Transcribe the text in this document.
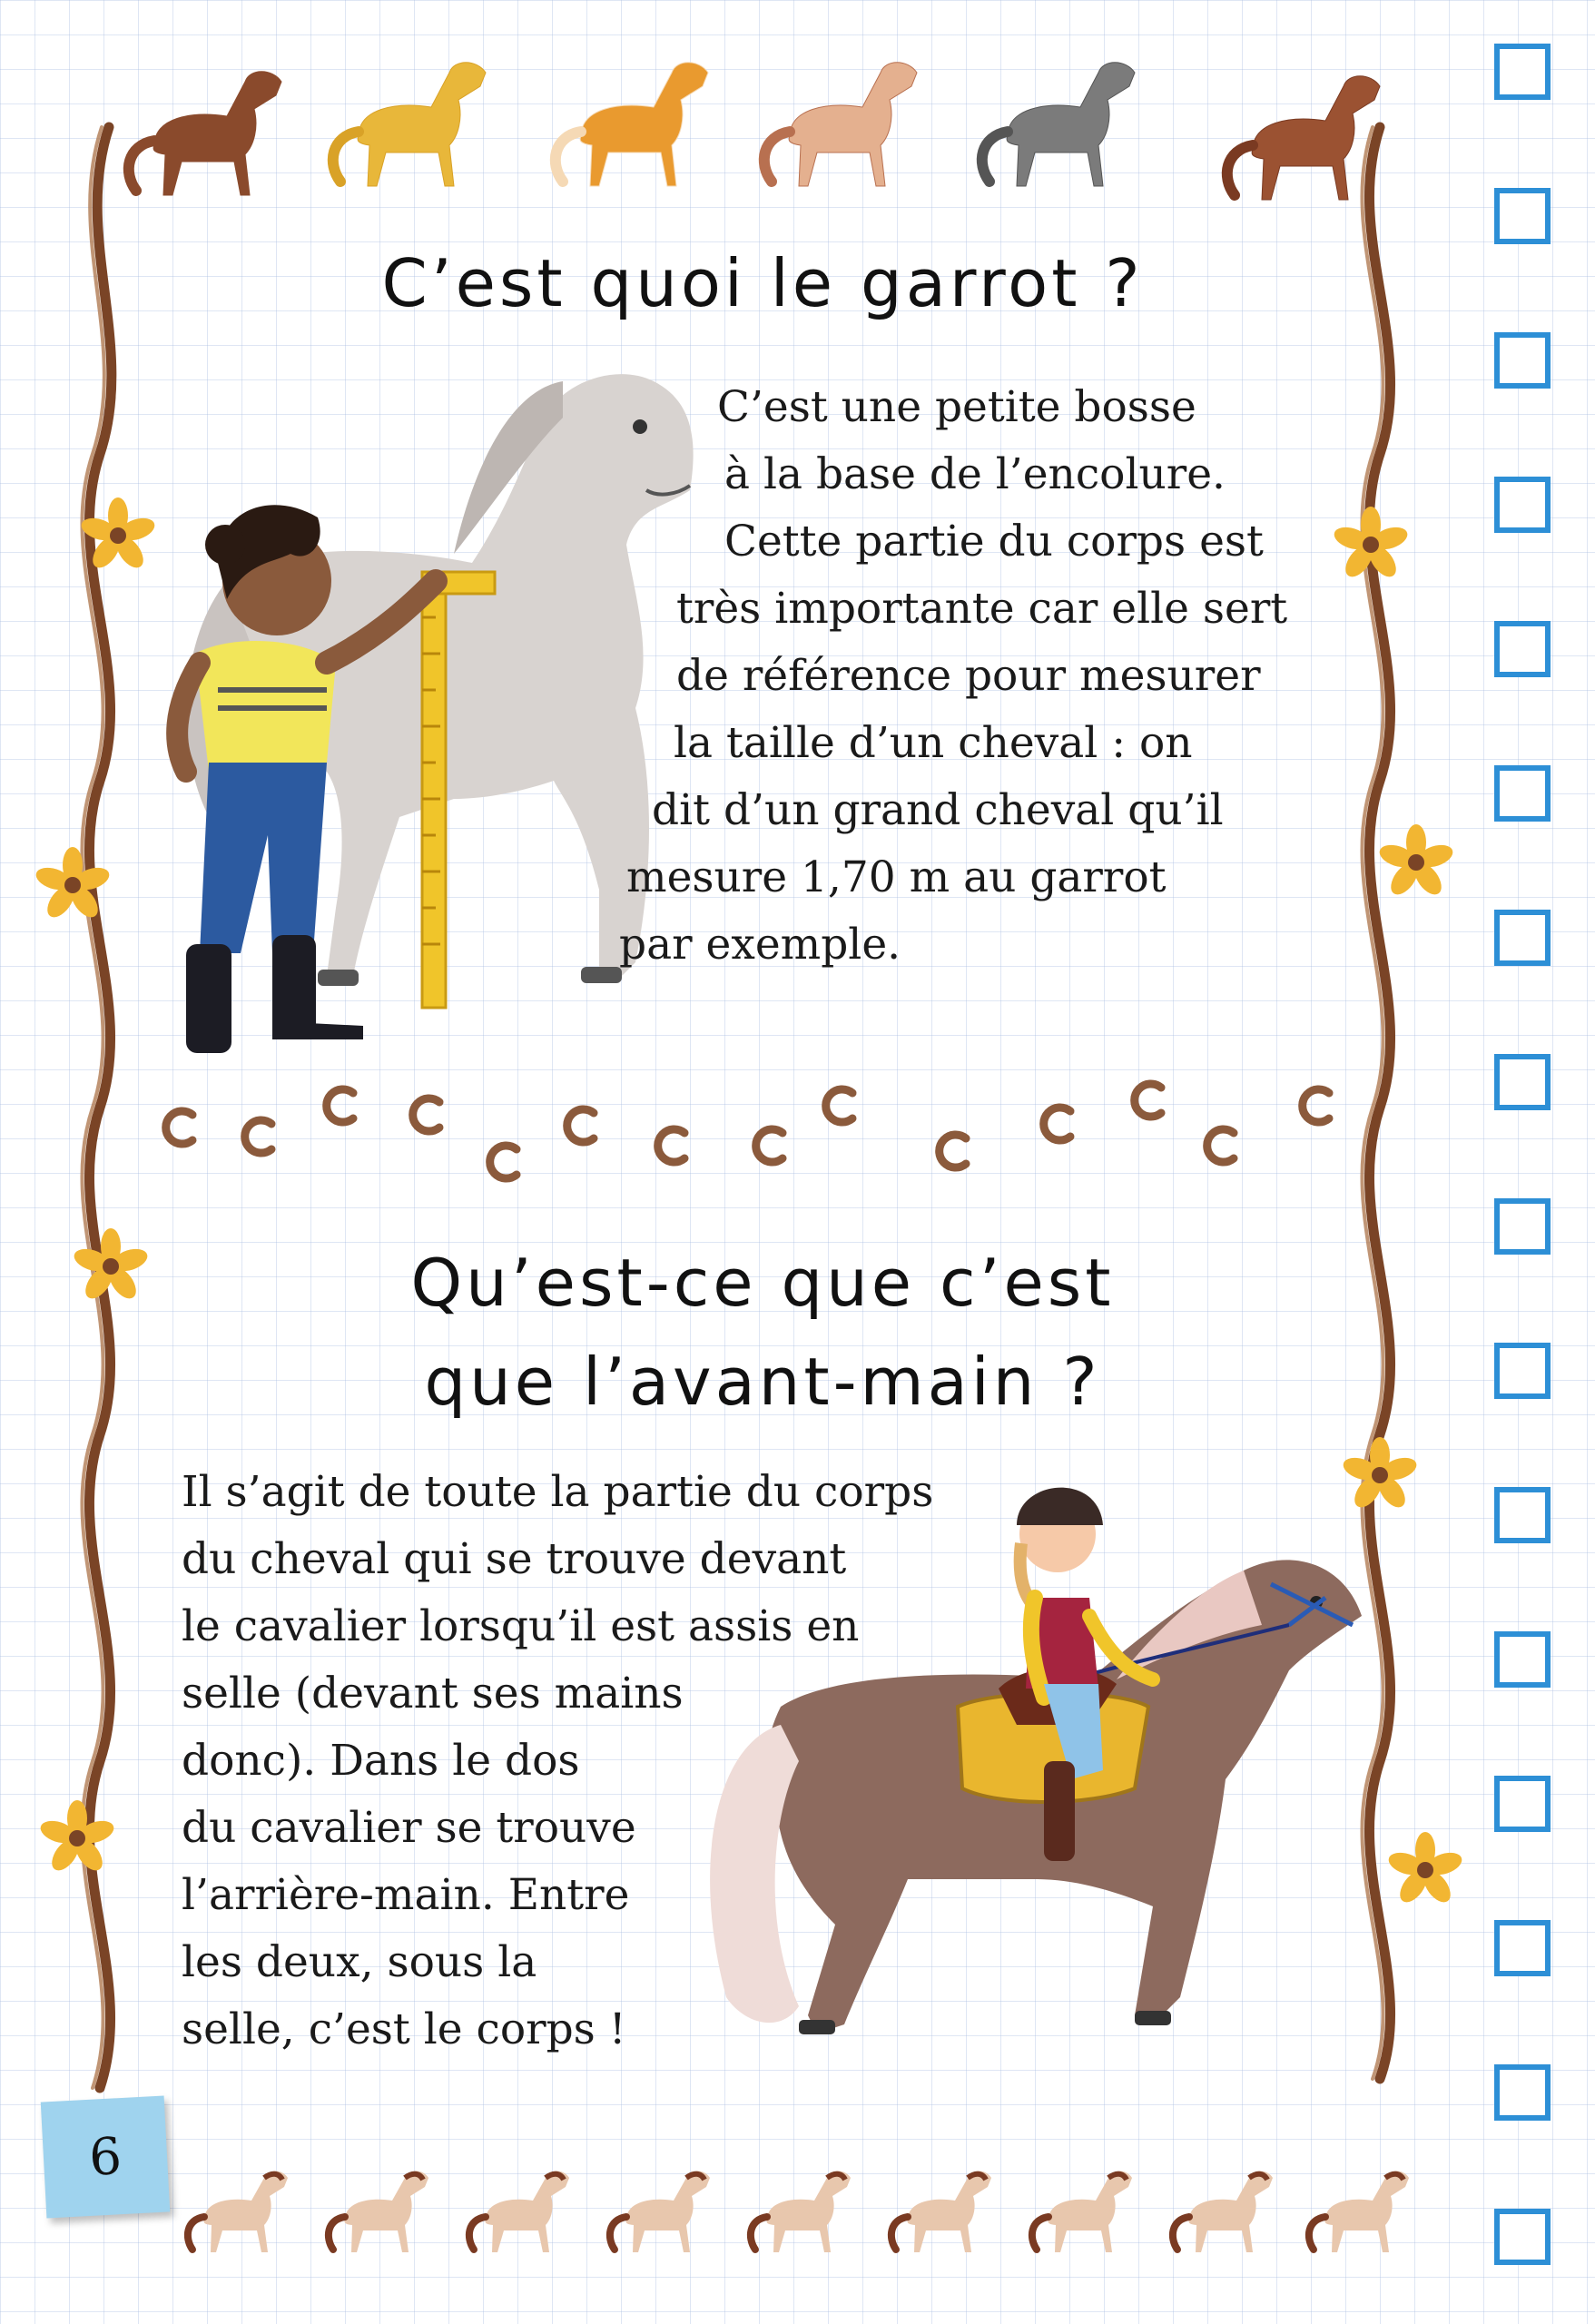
C’est quoi le garrot ?
C’est une petite bosse
à la base de l’encolure.
Cette partie du corps est
très importante car elle sert
de référence pour mesurer
la taille d’un cheval : on
dit d’un grand cheval qu’il
mesure 1,70 m au garrot
par exemple.
Qu’est-ce que c’est
que l’avant-main ?
Il s’agit de toute la partie du corps
du cheval qui se trouve devant
le cavalier lorsqu’il est assis en
selle (devant ses mains
donc). Dans le dos
du cavalier se trouve
l’arrière-main. Entre
les deux, sous la
selle, c’est le corps !
6
